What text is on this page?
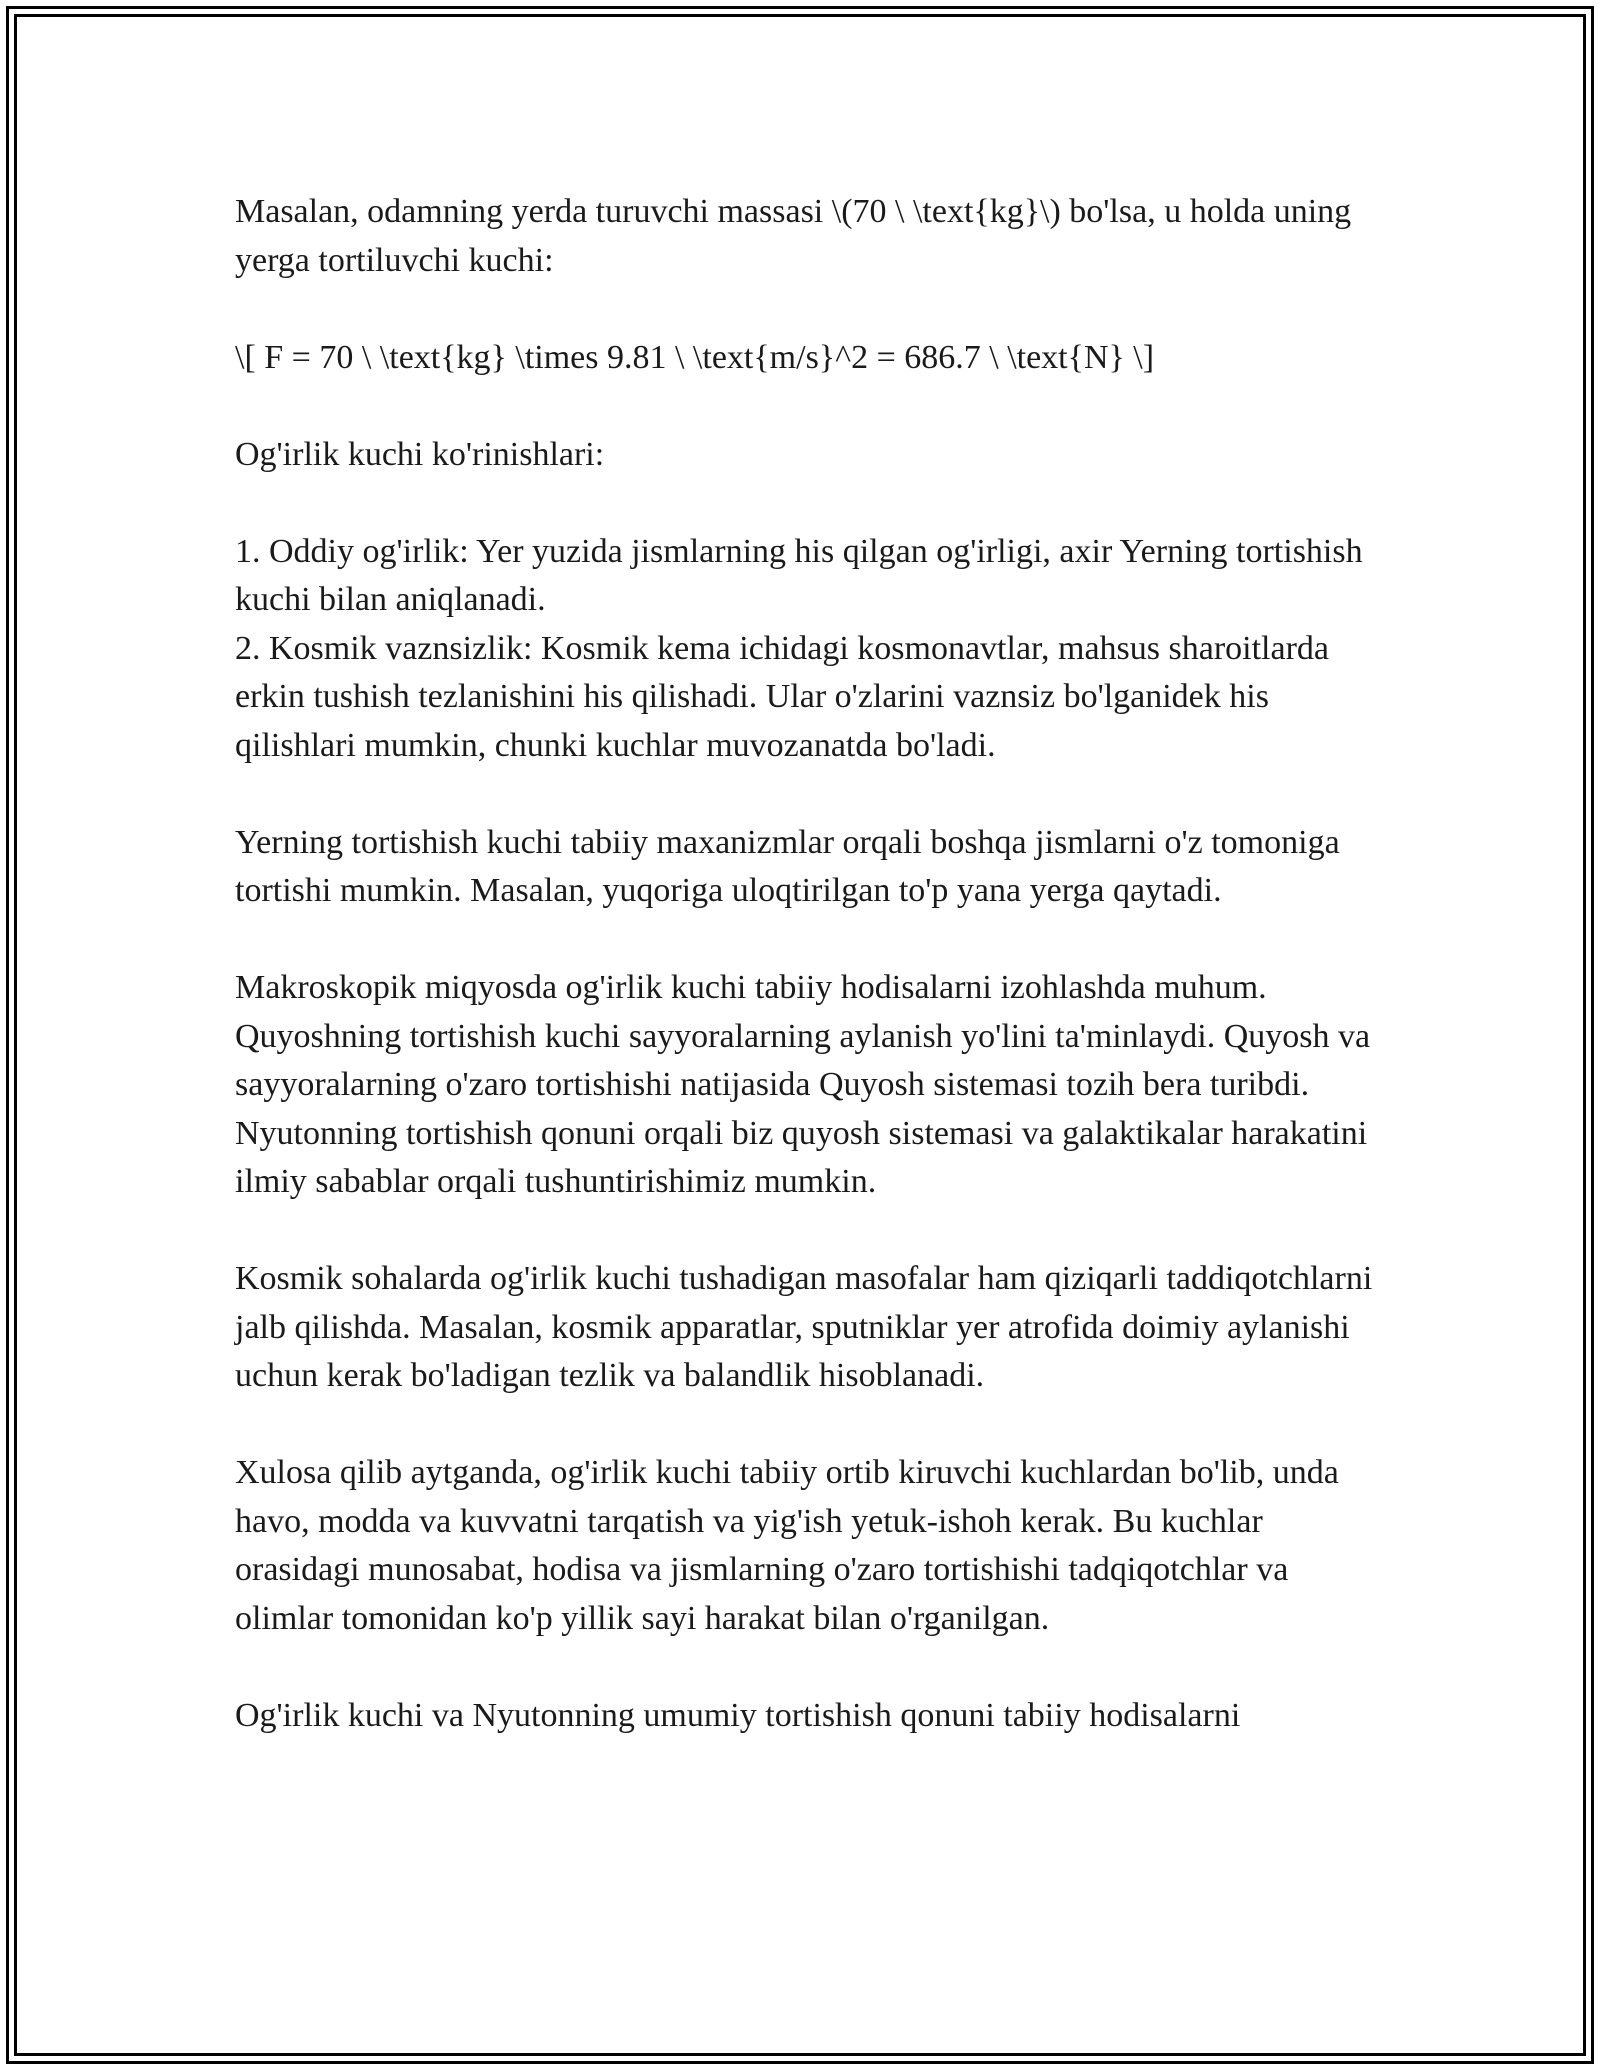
Masalan, odamning yerda turuvchi massasi \(70 \ \text{kg}\) bo'lsa, u holda uning yerga tortiluvchi kuchi:

\[ F = 70 \ \text{kg} \times 9.81 \ \text{m/s}^2 = 686.7 \ \text{N} \]

Og'irlik kuchi ko'rinishlari:

1. Oddiy og'irlik: Yer yuzida jismlarning his qilgan og'irligi, axir Yerning tortishish kuchi bilan aniqlanadi.

2. Kosmik vaznsizlik: Kosmik kema ichidagi kosmonavtlar, mahsus sharoitlarda erkin tushish tezlanishini his qilishadi. Ular o'zlarini vaznsiz bo'lganidek his qilishlari mumkin, chunki kuchlar muvozanatda bo'ladi.

Yerning tortishish kuchi tabiiy maxanizmlar orqali boshqa jismlarni o'z tomoniga tortishi mumkin. Masalan, yuqoriga uloqtirilgan to'p yana yerga qaytadi.

Makroskopik miqyosda og'irlik kuchi tabiiy hodisalarni izohlashda muhum. Quyoshning tortishish kuchi sayyoralarning aylanish yo'lini ta'minlaydi. Quyosh va sayyoralarning o'zaro tortishishi natijasida Quyosh sistemasi tozih bera turibdi. Nyutonning tortishish qonuni orqali biz quyosh sistemasi va galaktikalar harakatini ilmiy sabablar orqali tushuntirishimiz mumkin.

Kosmik sohalarda og'irlik kuchi tushadigan masofalar ham qiziqarli taddiqotchlarni jalb qilishda. Masalan, kosmik apparatlar, sputniklar yer atrofida doimiy aylanishi uchun kerak bo'ladigan tezlik va balandlik hisoblanadi.

Xulosa qilib aytganda, og'irlik kuchi tabiiy ortib kiruvchi kuchlardan bo'lib, unda havo, modda va kuvvatni tarqatish va yig'ish yetuk-ishoh kerak. Bu kuchlar orasidagi munosabat, hodisa va jismlarning o'zaro tortishishi tadqiqotchlar va olimlar tomonidan ko'p yillik sayi harakat bilan o'rganilgan.

Og'irlik kuchi va Nyutonning umumiy tortishish qonuni tabiiy hodisalarni
